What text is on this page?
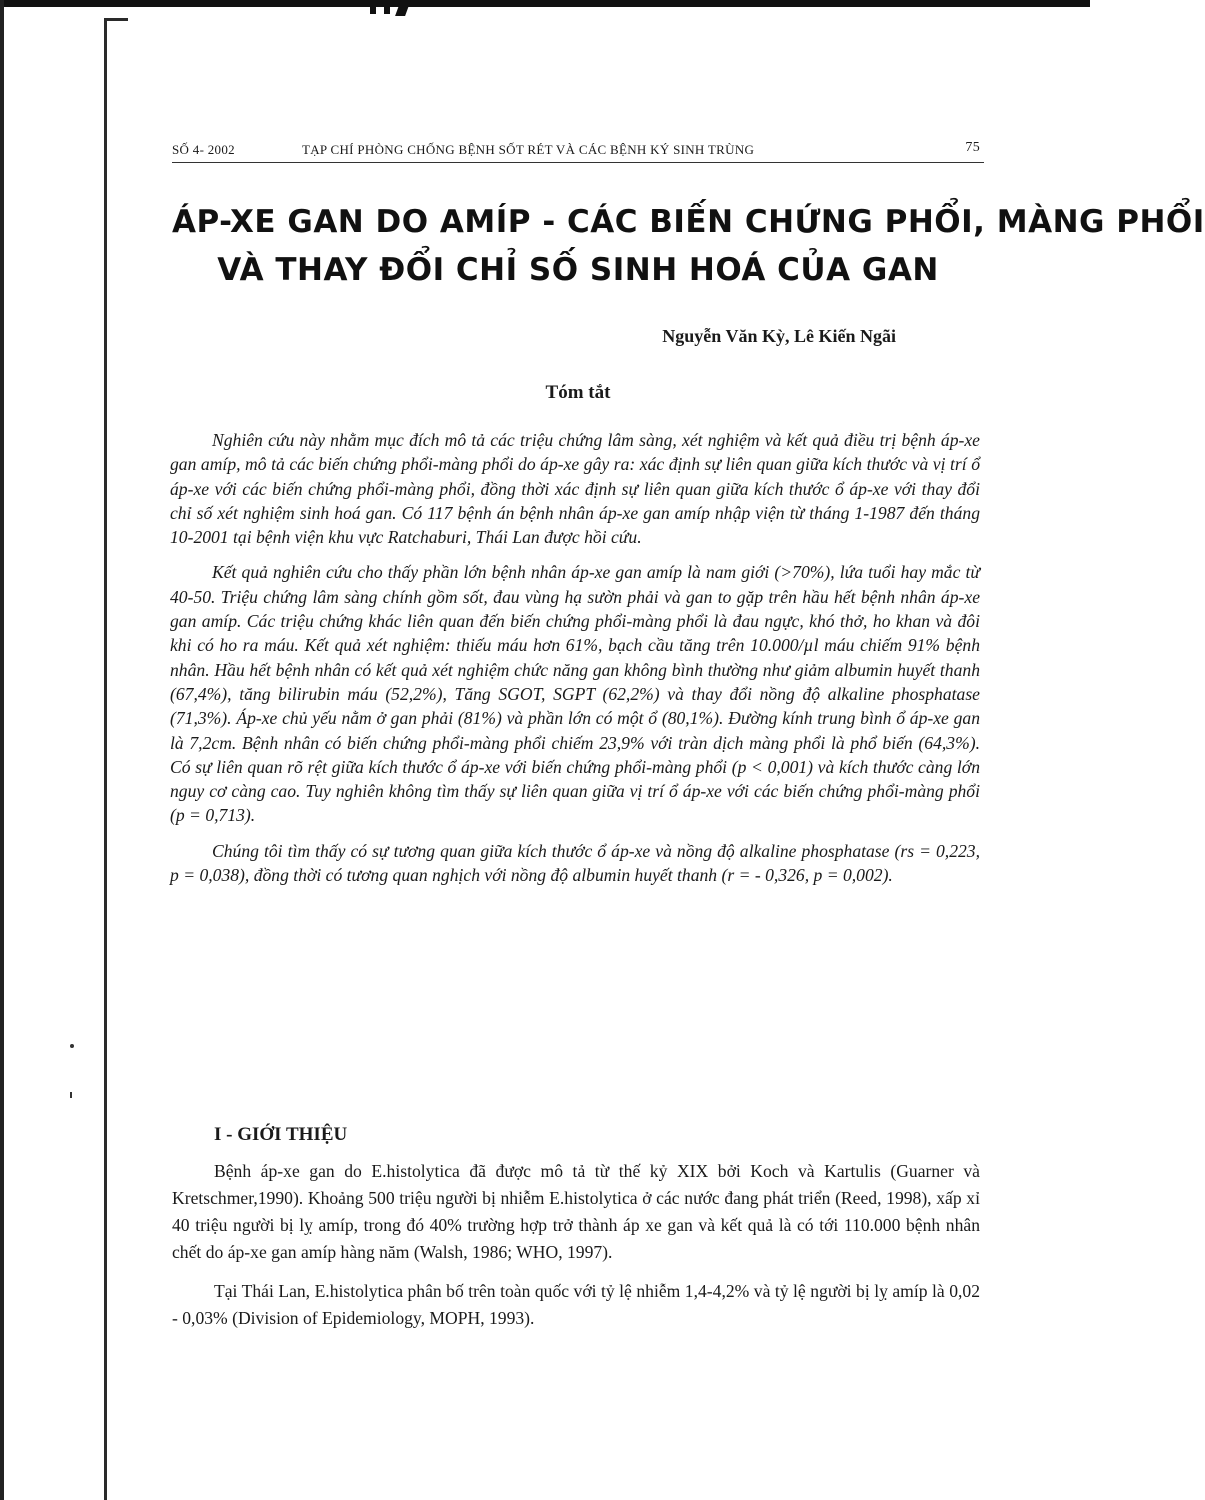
SỐ 4- 2002	TẠP CHÍ PHÒNG CHỐNG BỆNH SỐT RÉT VÀ CÁC BỆNH KÝ SINH TRÙNG	75
ÁP-XE GAN DO AMÍP - CÁC BIẾN CHỨNG PHỔI, MÀNG PHỔI
VÀ THAY ĐỔI CHỈ SỐ SINH HOÁ CỦA GAN
Nguyễn Văn Kỳ, Lê Kiến Ngãi
Tóm tắt

Nghiên cứu này nhằm mục đích mô tả các triệu chứng lâm sàng, xét nghiệm và kết quả điều trị bệnh áp-xe gan amíp, mô tả các biến chứng phổi-màng phổi do áp-xe gây ra: xác định sự liên quan giữa kích thước và vị trí ổ áp-xe với các biến chứng phổi-màng phổi, đồng thời xác định sự liên quan giữa kích thước ổ áp-xe với thay đổi chỉ số xét nghiệm sinh hoá gan. Có 117 bệnh án bệnh nhân áp-xe gan amíp nhập viện từ tháng 1-1987 đến tháng 10-2001 tại bệnh viện khu vực Ratchaburi, Thái Lan được hồi cứu.

Kết quả nghiên cứu cho thấy phần lớn bệnh nhân áp-xe gan amíp là nam giới (>70%), lứa tuổi hay mắc từ 40-50. Triệu chứng lâm sàng chính gồm sốt, đau vùng hạ sườn phải và gan to gặp trên hầu hết bệnh nhân áp-xe gan amíp. Các triệu chứng khác liên quan đến biến chứng phổi-màng phổi là đau ngực, khó thở, ho khan và đôi khi có ho ra máu. Kết quả xét nghiệm: thiếu máu hơn 61%, bạch cầu tăng trên 10.000/µl máu chiếm 91% bệnh nhân. Hầu hết bệnh nhân có kết quả xét nghiệm chức năng gan không bình thường như giảm albumin huyết thanh (67,4%), tăng bilirubin máu (52,2%), Tăng SGOT, SGPT (62,2%) và thay đổi nồng độ alkaline phosphatase (71,3%). Áp-xe chủ yếu nằm ở gan phải (81%) và phần lớn có một ổ (80,1%). Đường kính trung bình ổ áp-xe gan là 7,2cm. Bệnh nhân có biến chứng phổi-màng phổi chiếm 23,9% với tràn dịch màng phổi là phổ biến (64,3%). Có sự liên quan rõ rệt giữa kích thước ổ áp-xe với biến chứng phổi-màng phổi (p < 0,001) và kích thước càng lớn nguy cơ càng cao. Tuy nghiên không tìm thấy sự liên quan giữa vị trí ổ áp-xe với các biến chứng phổi-màng phổi (p = 0,713).

Chúng tôi tìm thấy có sự tương quan giữa kích thước ổ áp-xe và nồng độ alkaline phosphatase (rs = 0,223, p = 0,038), đồng thời có tương quan nghịch với nồng độ albumin huyết thanh (r = - 0,326, p = 0,002).

I - GIỚI THIỆU

Bệnh áp-xe gan do E.histolytica đã được mô tả từ thế kỷ XIX bởi Koch và Kartulis (Guarner và Kretschmer,1990). Khoảng 500 triệu người bị nhiễm E.histolytica ở các nước đang phát triển (Reed, 1998), xấp xỉ 40 triệu người bị lỵ amíp, trong đó 40% trường hợp trở thành áp xe gan và kết quả là có tới 110.000 bệnh nhân chết do áp-xe gan amíp hàng năm (Walsh, 1986; WHO, 1997).

Tại Thái Lan, E.histolytica phân bố trên toàn quốc với tỷ lệ nhiễm 1,4-4,2% và tỷ lệ người bị lỵ amíp là 0,02 - 0,03% (Division of Epidemiology, MOPH, 1993).
